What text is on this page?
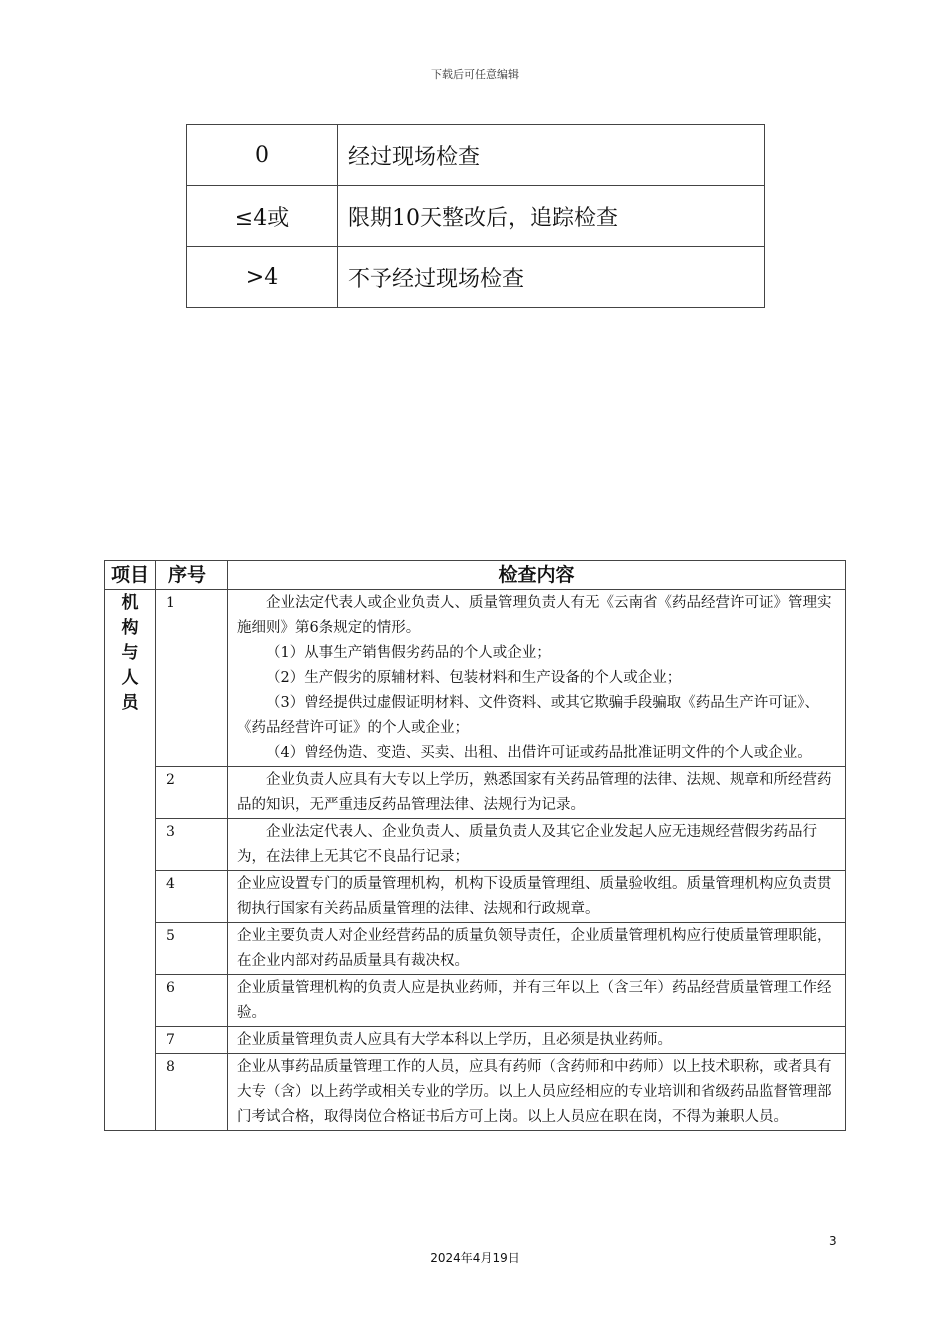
下载后可任意编辑
0	经过现场检查
≤4或	限期10天整改后，追踪检查
>4	不予经过现场检查
项目	序号	检查内容

机构与人员	1	企业法定代表人或企业负责人、质量管理负责人有无《云南省《药品经营许可证》管理实施细则》第6条规定的情形。

（1）从事生产销售假劣药品的个人或企业；

（2）生产假劣的原辅材料、包装材料和生产设备的个人或企业；

（3）曾经提供过虚假证明材料、文件资料、或其它欺骗手段骗取《药品生产许可证》、《药品经营许可证》的个人或企业；

（4）曾经伪造、变造、买卖、出租、出借许可证或药品批准证明文件的个人或企业。

	2	企业负责人应具有大专以上学历，熟悉国家有关药品管理的法律、法规、规章和所经营药品的知识，无严重违反药品管理法律、法规行为记录。

	3	企业法定代表人、企业负责人、质量负责人及其它企业发起人应无违规经营假劣药品行为，在法律上无其它不良品行记录；

	4	企业应设置专门的质量管理机构，机构下设质量管理组、质量验收组。质量管理机构应负责贯彻执行国家有关药品质量管理的法律、法规和行政规章。

	5	企业主要负责人对企业经营药品的质量负领导责任，企业质量管理机构应行使质量管理职能，在企业内部对药品质量具有裁决权。

	6	企业质量管理机构的负责人应是执业药师，并有三年以上（含三年）药品经营质量管理工作经验。

	7	企业质量管理负责人应具有大学本科以上学历，且必须是执业药师。

	8	企业从事药品质量管理工作的人员，应具有药师（含药师和中药师）以上技术职称，或者具有大专（含）以上药学或相关专业的学历。以上人员应经相应的专业培训和省级药品监督管理部门考试合格，取得岗位合格证书后方可上岗。以上人员应在职在岗，不得为兼职人员。

3
2024年4月19日
